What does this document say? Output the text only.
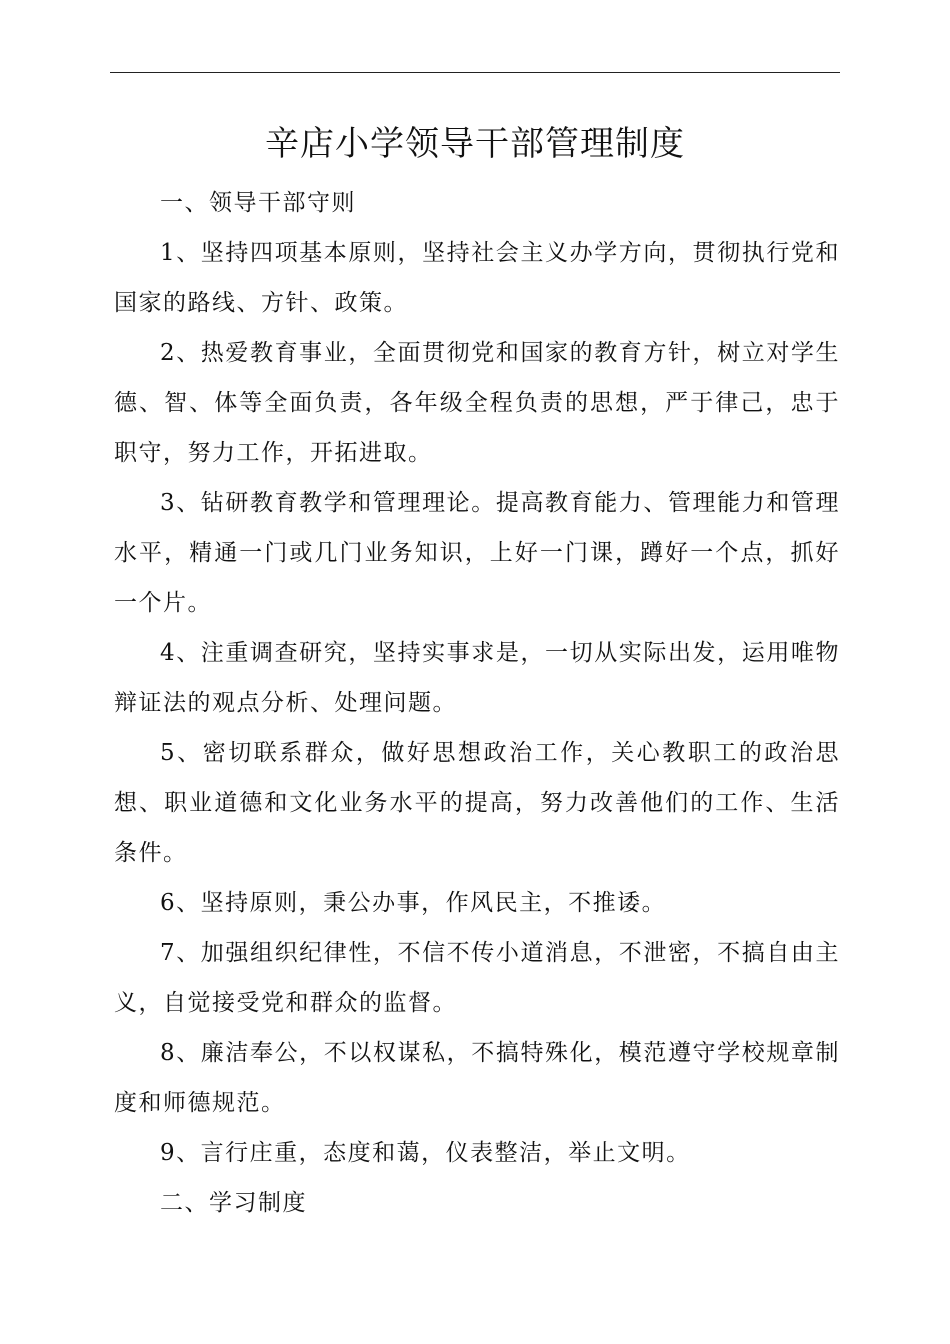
辛店小学领导干部管理制度

一、领导干部守则

1、坚持四项基本原则，坚持社会主义办学方向，贯彻执行党和国家的路线、方针、政策。

2、热爱教育事业，全面贯彻党和国家的教育方针，树立对学生德、智、体等全面负责，各年级全程负责的思想，严于律己，忠于职守，努力工作，开拓进取。

3、钻研教育教学和管理理论。提高教育能力、管理能力和管理水平，精通一门或几门业务知识，上好一门课，蹲好一个点，抓好一个片。

4、注重调查研究，坚持实事求是，一切从实际出发，运用唯物辩证法的观点分析、处理问题。

5、密切联系群众，做好思想政治工作，关心教职工的政治思想、职业道德和文化业务水平的提高，努力改善他们的工作、生活条件。

6、坚持原则，秉公办事，作风民主，不推诿。

7、加强组织纪律性，不信不传小道消息，不泄密，不搞自由主义，自觉接受党和群众的监督。

8、廉洁奉公，不以权谋私，不搞特殊化，模范遵守学校规章制度和师德规范。

9、言行庄重，态度和蔼，仪表整洁，举止文明。

二、学习制度
